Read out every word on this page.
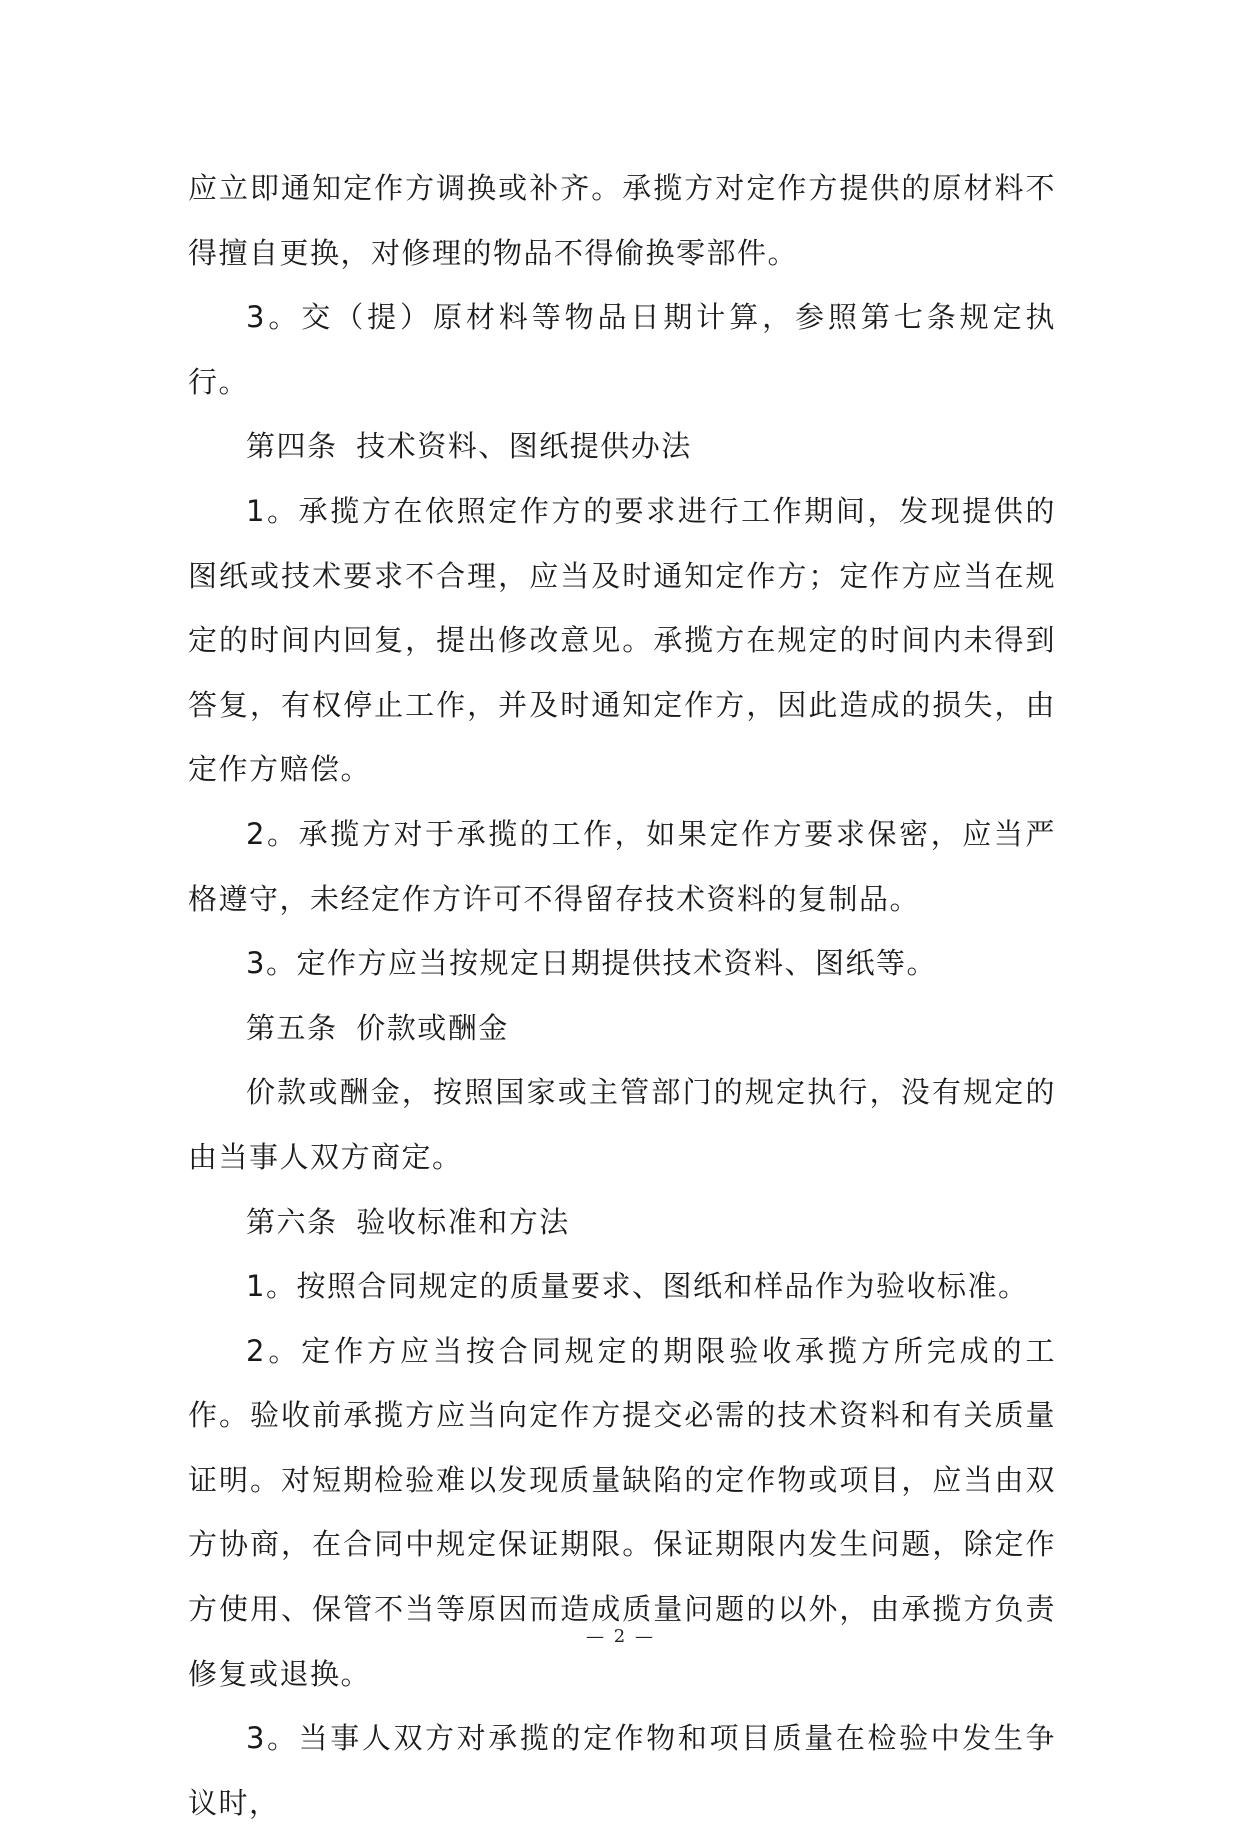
应立即通知定作方调换或补齐。承揽方对定作方提供的原材料不得擅自更换，对修理的物品不得偷换零部件。

3。交（提）原材料等物品日期计算，参照第七条规定执行。

第四条 技术资料、图纸提供办法

1。承揽方在依照定作方的要求进行工作期间，发现提供的图纸或技术要求不合理，应当及时通知定作方；定作方应当在规定的时间内回复，提出修改意见。承揽方在规定的时间内未得到答复，有权停止工作，并及时通知定作方，因此造成的损失，由定作方赔偿。

2。承揽方对于承揽的工作，如果定作方要求保密，应当严格遵守，未经定作方许可不得留存技术资料的复制品。

3。定作方应当按规定日期提供技术资料、图纸等。

第五条 价款或酬金

价款或酬金，按照国家或主管部门的规定执行，没有规定的由当事人双方商定。

第六条 验收标准和方法

1。按照合同规定的质量要求、图纸和样品作为验收标准。

2。定作方应当按合同规定的期限验收承揽方所完成的工作。验收前承揽方应当向定作方提交必需的技术资料和有关质量证明。对短期检验难以发现质量缺陷的定作物或项目，应当由双方协商，在合同中规定保证期限。保证期限内发生问题，除定作方使用、保管不当等原因而造成质量问题的以外，由承揽方负责修复或退换。

3。当事人双方对承揽的定作物和项目质量在检验中发生争议时，

— 2 —
